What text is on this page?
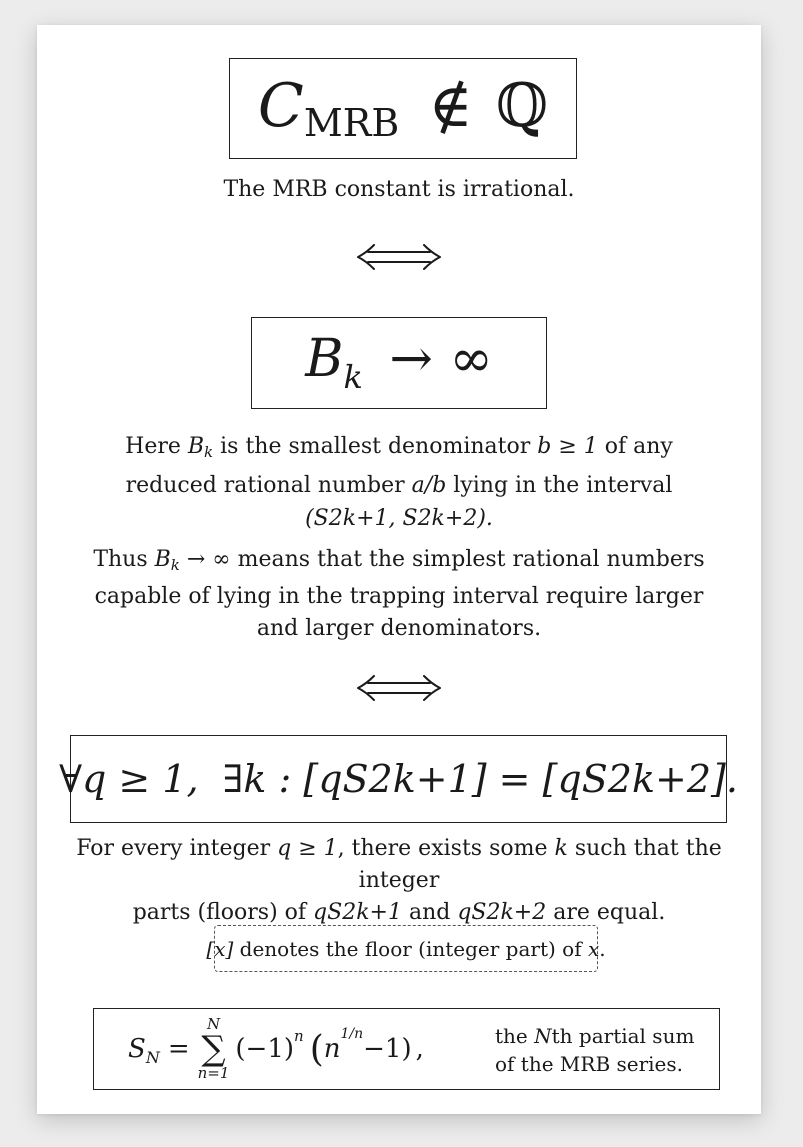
CMRB ∉ ℚ
The MRB constant is irrational.
$B_k$ → ∞
Here Bk is the smallest denominator b ≥ 1 of any
reduced rational number a/b lying in the interval
(S2k+1, S2k+2).
Thus Bk → ∞ means that the simplest rational numbers
capable of lying in the trapping interval require larger
and larger denominators.
∀q ≥ 1,  ∃k : [qS2k+1] = [qS2k+2].
For every integer q ≥ 1, there exists some k such that the integer
parts (floors) of qS2k+1 and qS2k+2 are equal.
[x] denotes the floor (integer part) of x .
S N =
N
∑
n=1
(−1) n ( n 1/n −1) ,	the Nth partial sum
of the MRB series.
